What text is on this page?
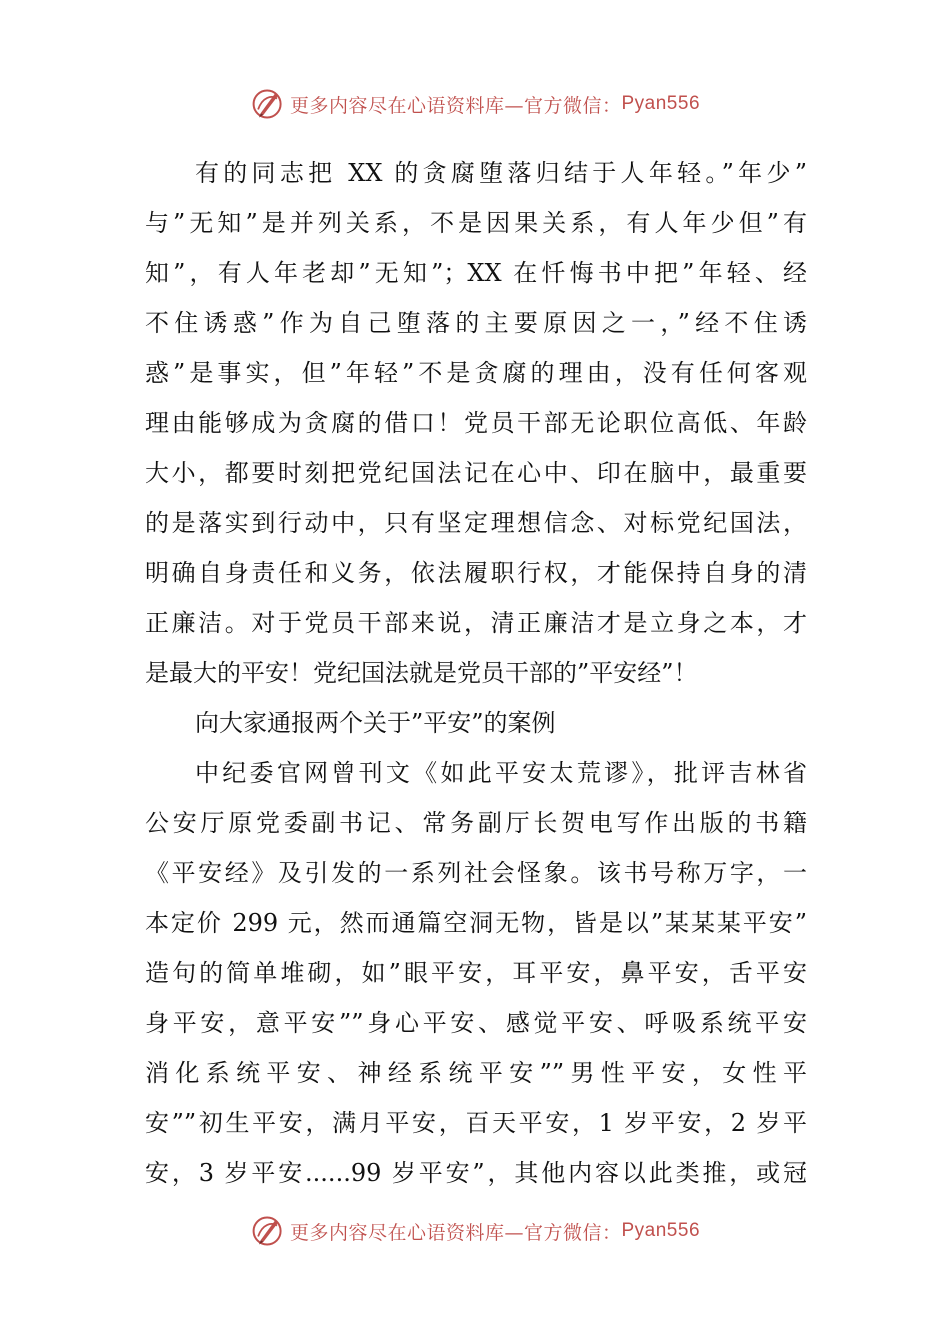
更多内容尽在心语资料库—官方微信： Pyan556
有的同志把 XX 的贪腐堕落归结于人年轻。”年少”
与”无知”是并列关系，不是因果关系，有人年少但”有
知”，有人年老却”无知”；XX 在忏悔书中把”年轻、经
不住诱惑”作为自己堕落的主要原因之一，”经不住诱
惑”是事实，但”年轻”不是贪腐的理由，没有任何客观
理由能够成为贪腐的借口！党员干部无论职位高低、年龄
大小，都要时刻把党纪国法记在心中、印在脑中，最重要
的是落实到行动中，只有坚定理想信念、对标党纪国法，
明确自身责任和义务，依法履职行权，才能保持自身的清
正廉洁。对于党员干部来说，清正廉洁才是立身之本，才
是最大的平安！党纪国法就是党员干部的”平安经”！
向大家通报两个关于”平安”的案例
中纪委官网曾刊文《如此平安太荒谬》，批评吉林省
公安厅原党委副书记、常务副厅长贺电写作出版的书籍
《平安经》及引发的一系列社会怪象。该书号称万字，一
本定价 299 元，然而通篇空洞无物，皆是以”某某某平安”
造句的简单堆砌，如”眼平安，耳平安，鼻平安，舌平安
身平安，意平安””身心平安、感觉平安、呼吸系统平安
消化系统平安、神经系统平安””男性平安，女性平
安””初生平安，满月平安，百天平安，1 岁平安，2 岁平
安，3 岁平安......99 岁平安”，其他内容以此类推，或冠
更多内容尽在心语资料库—官方微信： Pyan556
